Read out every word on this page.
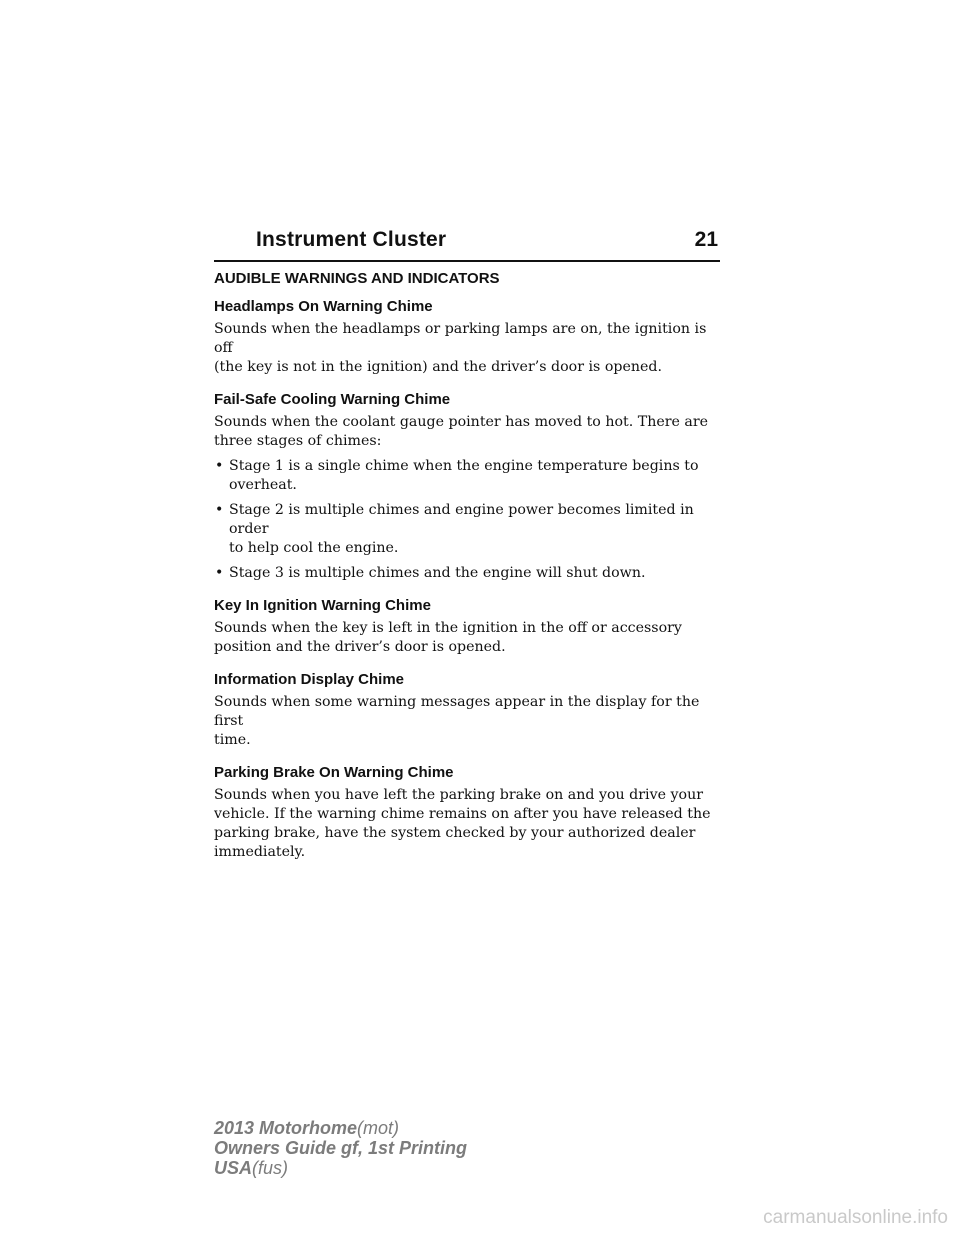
Instrument Cluster	21
AUDIBLE WARNINGS AND INDICATORS
Headlamps On Warning Chime
Sounds when the headlamps or parking lamps are on, the ignition is off
(the key is not in the ignition) and the driver’s door is opened.
Fail-Safe Cooling Warning Chime
Sounds when the coolant gauge pointer has moved to hot. There are
three stages of chimes:
• Stage 1 is a single chime when the engine temperature begins to
overheat.
• Stage 2 is multiple chimes and engine power becomes limited in order
to help cool the engine.
• Stage 3 is multiple chimes and the engine will shut down.
Key In Ignition Warning Chime
Sounds when the key is left in the ignition in the off or accessory
position and the driver’s door is opened.
Information Display Chime
Sounds when some warning messages appear in the display for the first
time.
Parking Brake On Warning Chime
Sounds when you have left the parking brake on and you drive your
vehicle. If the warning chime remains on after you have released the
parking brake, have the system checked by your authorized dealer
immediately.
2013 Motorhome(mot)
Owners Guide gf, 1st Printing
USA(fus)
carmanualsonline.info
